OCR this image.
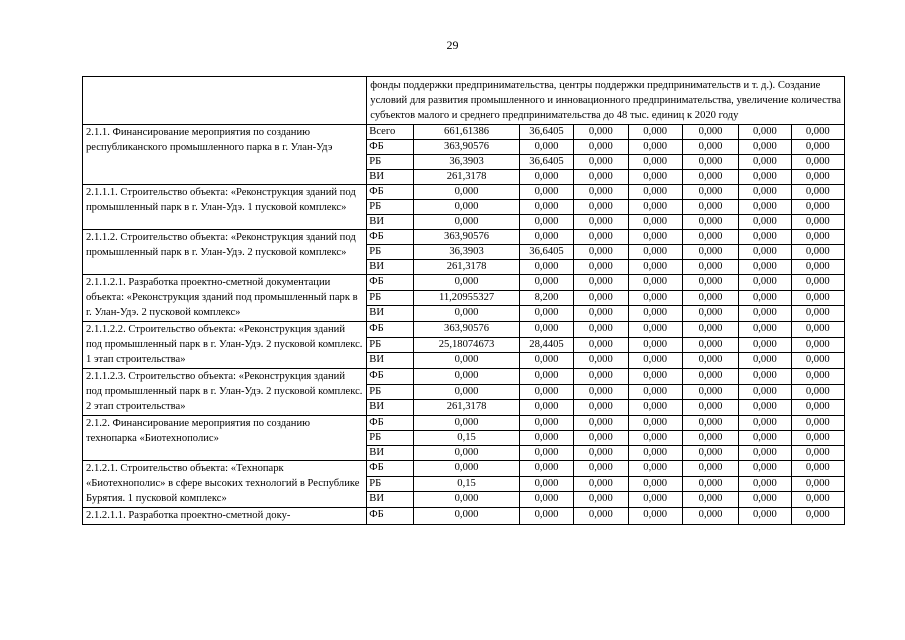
29
	фонды поддержки предпринимательства, центры поддержки предпринимательств и т. д.). Создание условий для развития промышленного и инновационного предпринимательства, увеличение количества субъектов малого и среднего предпринимательства до 48 тыс. единиц к 2020 году							
2.1.1. Финансирование мероприятия по созданию республиканского промышленного парка в г. Улан-Удэ	Всего	661,61386	36,6405	0,000	0,000	0,000	0,000	0,000
	ФБ	363,90576	0,000	0,000	0,000	0,000	0,000	0,000
	РБ	36,3903	36,6405	0,000	0,000	0,000	0,000	0,000
	ВИ	261,3178	0,000	0,000	0,000	0,000	0,000	0,000
2.1.1.1. Строительство объекта: «Реконструкция зданий под промышленный парк в г. Улан-Удэ. 1 пусковой комплекс»	ФБ	0,000	0,000	0,000	0,000	0,000	0,000	0,000
	РБ	0,000	0,000	0,000	0,000	0,000	0,000	0,000
	ВИ	0,000	0,000	0,000	0,000	0,000	0,000	0,000
2.1.1.2. Строительство объекта: «Реконструкция зданий под промышленный парк в г. Улан-Удэ. 2 пусковой комплекс»	ФБ	363,90576	0,000	0,000	0,000	0,000	0,000	0,000
	РБ	36,3903	36,6405	0,000	0,000	0,000	0,000	0,000
	ВИ	261,3178	0,000	0,000	0,000	0,000	0,000	0,000
2.1.1.2.1. Разработка проектно-сметной документации объекта: «Реконструкция зданий под промышленный парк в г. Улан-Удэ. 2 пусковой комплекс»	ФБ	0,000	0,000	0,000	0,000	0,000	0,000	0,000
	РБ	11,20955327	8,200	0,000	0,000	0,000	0,000	0,000
	ВИ	0,000	0,000	0,000	0,000	0,000	0,000	0,000
2.1.1.2.2. Строительство объекта: «Реконструкция зданий под промышленный парк в г. Улан-Удэ. 2 пусковой комплекс. 1 этап строительства»	ФБ	363,90576	0,000	0,000	0,000	0,000	0,000	0,000
	РБ	25,18074673	28,4405	0,000	0,000	0,000	0,000	0,000
	ВИ	0,000	0,000	0,000	0,000	0,000	0,000	0,000
2.1.1.2.3. Строительство объекта: «Реконструкция зданий под промышленный парк в г. Улан-Удэ. 2 пусковой комплекс. 2 этап строительства»	ФБ	0,000	0,000	0,000	0,000	0,000	0,000	0,000
	РБ	0,000	0,000	0,000	0,000	0,000	0,000	0,000
	ВИ	261,3178	0,000	0,000	0,000	0,000	0,000	0,000
2.1.2. Финансирование мероприятия по созданию технопарка «Биотехнополис»	ФБ	0,000	0,000	0,000	0,000	0,000	0,000	0,000
	РБ	0,15	0,000	0,000	0,000	0,000	0,000	0,000
	ВИ	0,000	0,000	0,000	0,000	0,000	0,000	0,000
2.1.2.1. Строительство объекта: «Технопарк «Биотехнополис» в сфере высоких технологий в Республике Бурятия. 1 пусковой комплекс»	ФБ	0,000	0,000	0,000	0,000	0,000	0,000	0,000
	РБ	0,15	0,000	0,000	0,000	0,000	0,000	0,000
	ВИ	0,000	0,000	0,000	0,000	0,000	0,000	0,000
2.1.2.1.1. Разработка проектно-сметной доку-	ФБ	0,000	0,000	0,000	0,000	0,000	0,000	0,000
